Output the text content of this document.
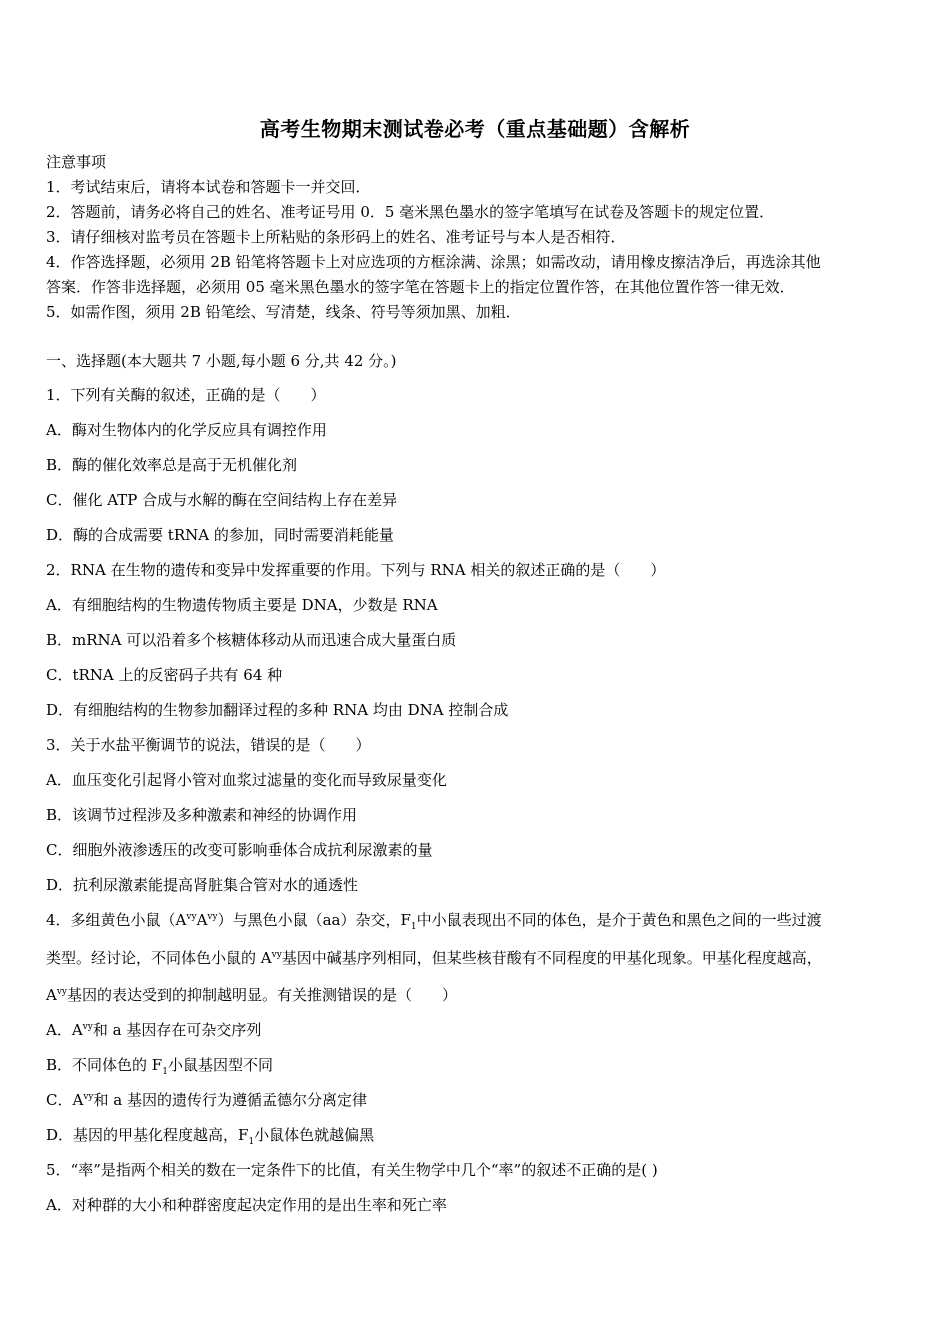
高考生物期末测试卷必考（重点基础题）含解析
注意事项
1．考试结束后，请将本试卷和答题卡一并交回．
2．答题前，请务必将自己的姓名、准考证号用 0．5 毫米黑色墨水的签字笔填写在试卷及答题卡的规定位置．
3．请仔细核对监考员在答题卡上所粘贴的条形码上的姓名、准考证号与本人是否相符．
4．作答选择题，必须用 2B 铅笔将答题卡上对应选项的方框涂满、涂黑；如需改动，请用橡皮擦洁净后，再选涂其他
答案．作答非选择题，必须用 05 毫米黑色墨水的签字笔在答题卡上的指定位置作答，在其他位置作答一律无效．
5．如需作图，须用 2B 铅笔绘、写清楚，线条、符号等须加黑、加粗．
一、选择题(本大题共 7 小题,每小题 6 分,共 42 分。)
1．下列有关酶的叙述，正确的是（　　）
A．酶对生物体内的化学反应具有调控作用
B．酶的催化效率总是高于无机催化剂
C．催化 ATP 合成与水解的酶在空间结构上存在差异
D．酶的合成需要 tRNA 的参加，同时需要消耗能量
2．RNA 在生物的遗传和变异中发挥重要的作用。下列与 RNA 相关的叙述正确的是（　　）
A．有细胞结构的生物遗传物质主要是 DNA，少数是 RNA
B．mRNA 可以沿着多个核糖体移动从而迅速合成大量蛋白质
C．tRNA 上的反密码子共有 64 种
D．有细胞结构的生物参加翻译过程的多种 RNA 均由 DNA 控制合成
3．关于水盐平衡调节的说法，错误的是（　　）
A．血压变化引起肾小管对血浆过滤量的变化而导致尿量变化
B．该调节过程涉及多种激素和神经的协调作用
C．细胞外液渗透压的改变可影响垂体合成抗利尿激素的量
D．抗利尿激素能提高肾脏集合管对水的通透性
4．多组黄色小鼠$(A^{vy}A^{vy})$与黑色小鼠（aa）杂交，$F_1$中小鼠表现出不同的体色，是介于黄色和黑色之间的一些过渡
类型。经讨论，不同体色小鼠的 $A^{vy}$基因中碱基序列相同，但某些核苷酸有不同程度的甲基化现象。甲基化程度越高，
$A^{vy}$基因的表达受到的抑制越明显。有关推测错误的是（　　）
A．$A^{vy}$和 a 基因存在可杂交序列
B．不同体色的 $F_1$小鼠基因型不同
C．$A^{vy}$和 a 基因的遗传行为遵循孟德尔分离定律
D．基因的甲基化程度越高，$F_1$小鼠体色就越偏黑
5．“率”是指两个相关的数在一定条件下的比值，有关生物学中几个“率”的叙述不正确的是( )
A．对种群的大小和种群密度起决定作用的是出生率和死亡率
